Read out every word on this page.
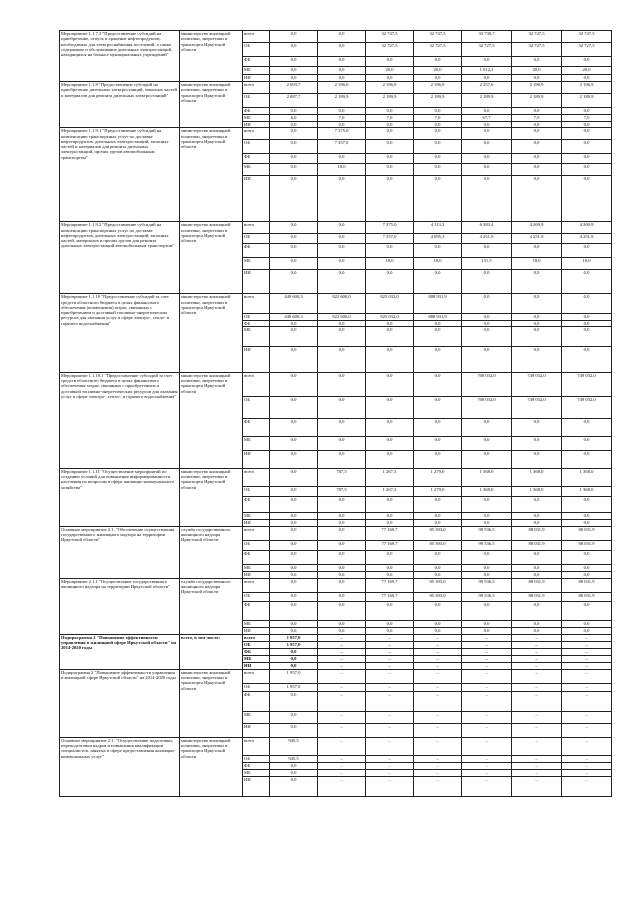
Мероприятие 1.1.7.2 "Предоставление субсидий на приобретение, отпуск и хранение нефтепродуктов, необходимых для электроснабжения поселений, а также содержание и обслуживание дизельных электростанций, находящихся на балансе муниципальных учреждений"	министерство жилищной политики, энергетики и транспорта Иркутской области	всего	0,0	0,0	32 747,5	32 747,5	33 739,7	32 747,5	32 747,5
		ОБ	0,0	0,0	32 727,5	32 727,5	32 727,5	32 727,5	32 727,5
		ФБ	0,0	0,0	0,0	0,0	0,0	0,0	0,0
		МБ	0,0	0,0	20,0	20,0	1 012,2	20,0	20,0
		ИИ	0,0	0,0	0,0	0,0	0,0	0,0	0,0
Мероприятие 1.1.8 "Предоставление субсидий на приобретение дизельных электростанций, запасных частей и материалов для ремонта дизельных электростанций"	министерство жилищной политики, энергетики и транспорта Иркутской области	всего	2 093,7	2 196,0	2 196,9	2 196,9	2 257,6	2 196,9	2 196,9
		ОБ	2 087,7	2 189,9	2 189,9	2 189,9	2 189,9	2 189,9	2 189,9
		ФБ	0,0	0,0	0,0	0,0	0,0	0,0	0,0
		МБ	6,0	7,0	7,0	7,0	67,7	7,0	7,0
		ИИ	0,0	0,0	0,0	0,0	0,0	0,0	0,0
Мероприятие 1.1.9.1 "Предоставление субсидий на компенсацию транспортных услуг по доставке нефтепродуктов, дизельных электростанций, запасных частей и материалов для ремонта дизельных электростанций, прочих грузов автомобильным транспортом"	министерство жилищной политики, энергетики и транспорта Иркутской области	всего	0,0	7 375,0	0,0	0,0	0,0	0,0	0,0
		ОБ	0,0	7 357,0	0,0	0,0	0,0	0,0	0,0
		ФБ	0,0	0,0	0,0	0,0	0,0	0,0	0,0
		МБ	0,0	18,0	0,0	0,0	0,0	0,0	0,0
		ИИ	0,0	0,0	0,0	0,0	0,0	0,0	0,0
Мероприятие 1.1.9.2 "Предоставление субсидий на компенсацию транспортных услуг по доставке нефтепродуктов, дизельных электростанций, запасных частей, материалов и прочих грузов для ремонта дизельных электростанций автомобильным транспортом"	министерство жилищной политики, энергетики и транспорта Иркутской области	всего	0,0	0,0	7 375,0	4 113,3	6 383,4	4 269,9	4 269,9
		ОБ	0,0	0,0	7 357,0	4 095,3	4 251,9	4 251,9	4 251,9
		ФБ	0,0	0,0	0,0	0,0	0,0	0,0	0,0
		МБ	0,0	0,0	18,0	18,0	131,5	18,0	18,0
		ИИ	0,0	0,0	0,0	0,0	0,0	0,0	0,0
Мероприятие 1.1.10 "Предоставление субсидий за счет средств областного бюджета в целях финансового обеспечения (возмещения) затрат, связанных с приобретением и доставкой топливно-энергетических ресурсов для оказания услуг в сфере электро-, тепло- и горячего водоснабжения"	министерство жилищной политики, энергетики и транспорта Иркутской области	всего	449 600,3	822 600,0	825 032,0	888 931,9	0,0	0,0	0,0
		ОБ	449 600,3	822 600,0	825 032,0	888 931,9	0,0	0,0	0,0
		ФБ	0,0	0,0	0,0	0,0	0,0	0,0	0,0
		МБ	0,0	0,0	0,0	0,0	0,0	0,0	0,0
		ИИ	0,0	0,0	0,0	0,0	0,0	0,0	0,0
Мероприятие 1.1.10.1 "Предоставление субсидий за счет средств областного бюджета в целях финансового обеспечения затрат, связанных с приобретением и доставкой топливно-энергетических ресурсов для оказания услуг в сфере электро-, тепло-, и горячего водоснабжения"	министерство жилищной политики, энергетики и транспорта Иркутской области	всего	0,0	0,0	0,0	0,0	700 032,0	749 032,0	749 032,0
		ОБ	0,0	0,0	0,0	0,0	700 032,0	749 032,0	749 032,0
		ФБ	0,0	0,0	0,0	0,0	0,0	0,0	0,0
		МБ	0,0	0,0	0,0	0,0	0,0	0,0	0,0
		ИИ	0,0	0,0	0,0	0,0	0,0	0,0	0,0
Мероприятие 1.1.11 "Осуществление мероприятий по созданию условий для повышения информированности населения по вопросам в сфере жилищно-коммунального хозяйства"	министерство жилищной политики, энергетики и транспорта Иркутской области	всего	0,0	787,5	1 267,3	1 279,0	1 368,0	1 368,0	1 368,0
		ОБ	0,0	787,5	1 267,3	1 279,0	1 368,0	1 368,0	1 368,0
		ФБ	0,0	0,0	0,0	0,0	0,0	0,0	0,0
		МБ	0,0	0,0	0,0	0,0	0,0	0,0	0,0
		ИИ	0,0	0,0	0,0	0,0	0,0	0,0	0,0
Основное мероприятие 2.1. "Обеспечение осуществления государственного жилищного надзора на территории Иркутской области"	служба государственного жилищного надзора Иркутской области	всего	0,0	0,0	77 169,7	85 393,0	99 536,5	88 031,9	88 031,9
		ОБ	0,0	0,0	77 169,7	85 393,0	99 536,5	88 031,9	88 031,9
		ФБ	0,0	0,0	0,0	0,0	0,0	0,0	0,0
		МБ	0,0	0,0	0,0	0,0	0,0	0,0	0,0
		ИИ	0,0	0,0	0,0	0,0	0,0	0,0	0,0
Мероприятие 2.1.1 "Осуществление государственного жилищного надзора на территории Иркутской области"	служба государственного жилищного надзора Иркутской области	всего	0,0	0,0	77 169,7	85 393,0	99 536,5	88 031,9	88 031,9
		ОБ	0,0	0,0	77 169,7	85 393,0	99 536,5	88 031,9	88 031,9
		ФБ	0,0	0,0	0,0	0,0	0,0	0,0	0,0
		МБ	0,0	0,0	0,0	0,0	0,0	0,0	0,0
		ИИ	0,0	0,0	0,0	0,0	0,0	0,0	0,0
Подпрограмма 2 "Повышение эффективности управления в жилищной сфере Иркутской области" на 2014-2020 годы	всего, в том числе:	всего	1 957,0	–	–	–	–	–	–
		ОБ	1 957,0	–	–	–	–	–	–
		ФБ	0,0	–	–	–	–	–	–
		МБ	0,0	–	–	–	–	–	–
		ИИ	0,0	–	–	–	–	–	–
Подпрограмма 2 "Повышение эффективности управления в жилищной сфере Иркутской области" на 2014-2020 годы	министерство жилищной политики, энергетики и транспорта Иркутской области	всего	1 957,0	–	–	–	–	–	–
		ОБ	1 957,0	–	–	–	–	–	–
		ФБ	0,0	–	–	–	–	–	–
		МБ	0,0	–	–	–	–	–	–
		ИИ	0,0	–	–	–	–	–	–
Основное мероприятие 2.1. "Осуществление подготовки, переподготовки кадров и повышения квалификации специалистов, занятых в сфере предоставления жилищно-коммунальных услуг"	министерство жилищной политики, энергетики и транспорта Иркутской области	всего	945,5	–	–	–	–	–	–
		ОБ	945,5	–	–	–	–	–	–
		ФБ	0,0	–	–	–	–	–	–
		МБ	0,0	–	–	–	–	–	–
		ИИ	0,0	–	–	–	–	–	–
